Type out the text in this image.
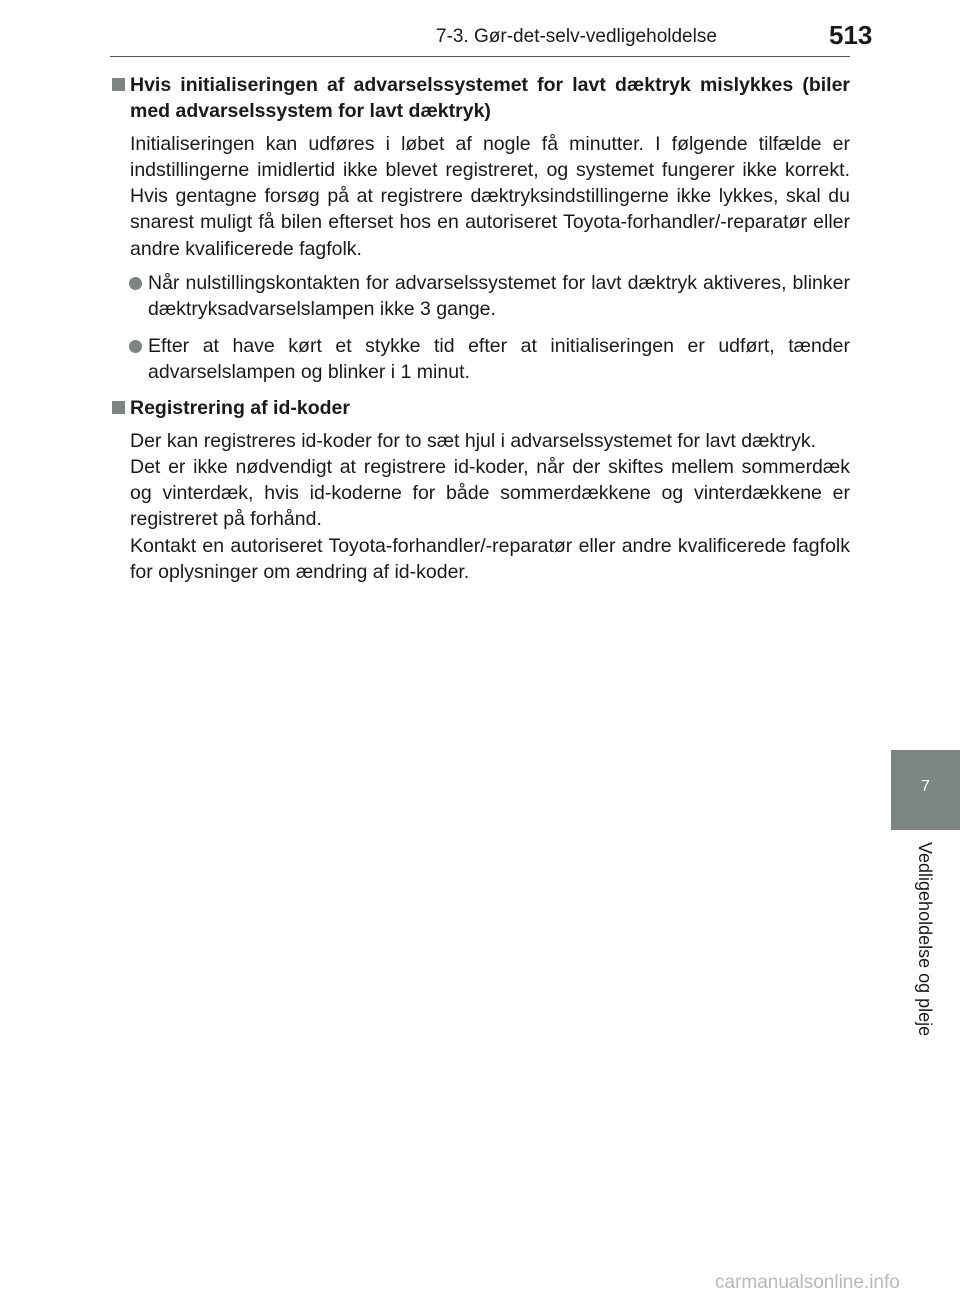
7-3. Gør-det-selv-vedligeholdelse	513
7
Vedligeholdelse og pleje
Hvis initialiseringen af advarselssystemet for lavt dæktryk mislykkes (biler med advarselssystem for lavt dæktryk)
Initialiseringen kan udføres i løbet af nogle få minutter. I følgende tilfælde er indstillingerne imidlertid ikke blevet registreret, og systemet fungerer ikke korrekt. Hvis gentagne forsøg på at registrere dæktryksindstillingerne ikke lykkes, skal du snarest muligt få bilen efterset hos en autoriseret Toyota-forhandler/-reparatør eller andre kvalificerede fagfolk.
Når nulstillingskontakten for advarselssystemet for lavt dæktryk aktiveres, blinker dæktryksadvarselslampen ikke 3 gange.
Efter at have kørt et stykke tid efter at initialiseringen er udført, tænder advarselslampen og blinker i 1 minut.
Registrering af id-koder
Der kan registreres id-koder for to sæt hjul i advarselssystemet for lavt dæktryk.
Det er ikke nødvendigt at registrere id-koder, når der skiftes mellem sommerdæk og vinterdæk, hvis id-koderne for både sommerdækkene og vinterdækkene er registreret på forhånd.
Kontakt en autoriseret Toyota-forhandler/-reparatør eller andre kvalificerede fagfolk for oplysninger om ændring af id-koder.
carmanualsonline.info
